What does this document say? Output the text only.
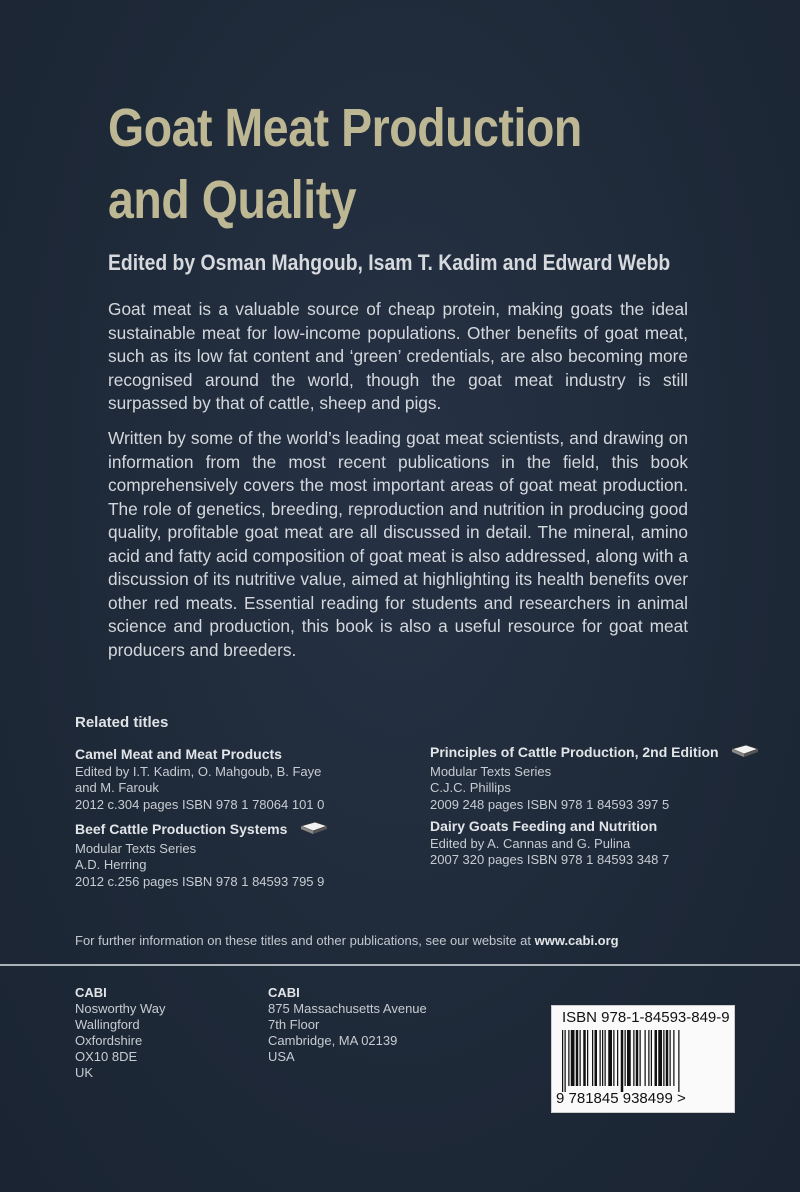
Goat Meat Production
and Quality
Edited by Osman Mahgoub, Isam T. Kadim and Edward Webb

Goat meat is a valuable source of cheap protein, making goats the ideal sustainable meat for low-income populations. Other benefits of goat meat, such as its low fat content and ‘green’ credentials, are also becoming more recognised around the world, though the goat meat industry is still surpassed by that of cattle, sheep and pigs.

Written by some of the world’s leading goat meat scientists, and drawing on information from the most recent publications in the field, this book comprehensively covers the most important areas of goat meat production. The role of genetics, breeding, reproduction and nutrition in producing good quality, profitable goat meat are all discussed in detail. The mineral, amino acid and fatty acid composition of goat meat is also addressed, along with a discussion of its nutritive value, aimed at highlighting its health benefits over other red meats. Essential reading for students and researchers in animal science and production, this book is also a useful resource for goat meat producers and breeders.

Related titles
Camel Meat and Meat Products
Edited by I.T. Kadim, O. Mahgoub, B. Faye
and M. Farouk
2012 c.304 pages ISBN 978 1 78064 101 0
Beef Cattle Production Systems
Modular Texts Series
A.D. Herring
2012 c.256 pages ISBN 978 1 84593 795 9
Principles of Cattle Production, 2nd Edition
Modular Texts Series
C.J.C. Phillips
2009 248 pages ISBN 978 1 84593 397 5
Dairy Goats Feeding and Nutrition
Edited by A. Cannas and G. Pulina
2007 320 pages ISBN 978 1 84593 348 7
For further information on these titles and other publications, see our website at www.cabi.org
CABI
Nosworthy Way
Wallingford
Oxfordshire
OX10 8DE
UK
CABI
875 Massachusetts Avenue
7th Floor
Cambridge, MA 02139
USA
ISBN 978-1-84593-849-9
9 781845 938499 >
